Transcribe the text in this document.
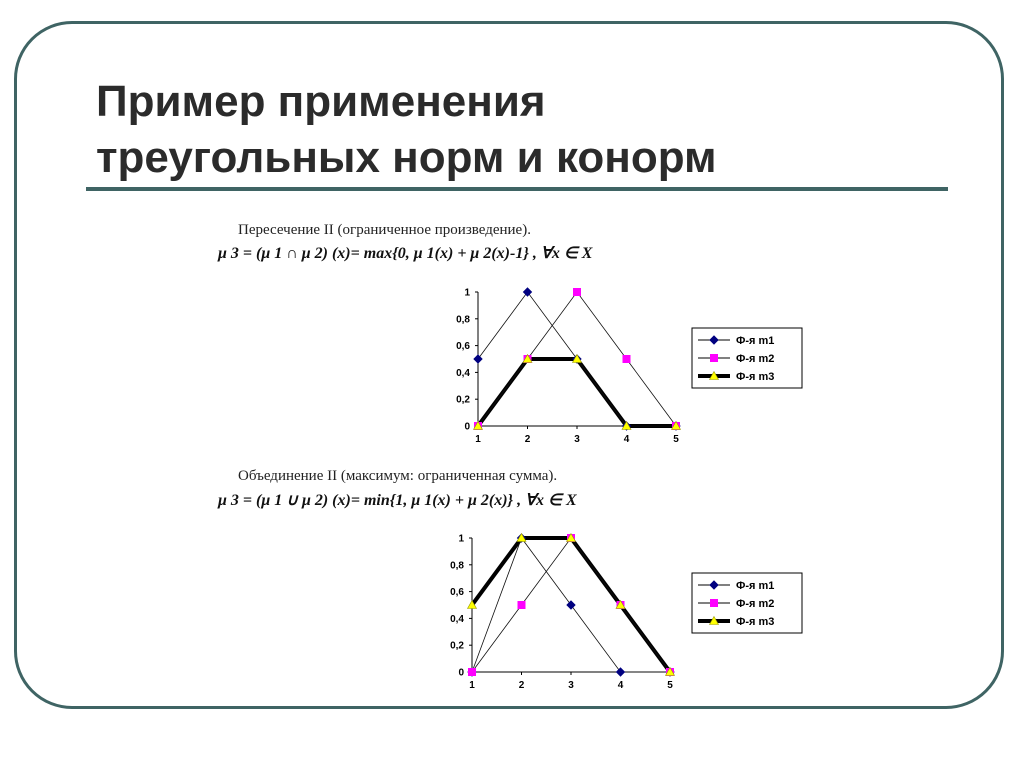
Пример применения
треугольных норм и конорм
Пересечение II (ограниченное произведение).
μ 3 = (μ 1 ∩ μ 2) (x)= max{0, μ 1(x) + μ 2(x)-1} , ∀x ∈ X
0
0,2
0,4
0,6
0,8
1
1	2	3	4	5
Ф-я m1
Ф-я m2
Ф-я m3
Объединение II (максимум: ограниченная сумма).
μ 3 = (μ 1 ∪ μ 2) (x)= min{1, μ 1(x) + μ 2(x)} , ∀x ∈ X
0
0,2
0,4
0,6
0,8
1
1	2	3	4	5
Ф-я m1
Ф-я m2
Ф-я m3
